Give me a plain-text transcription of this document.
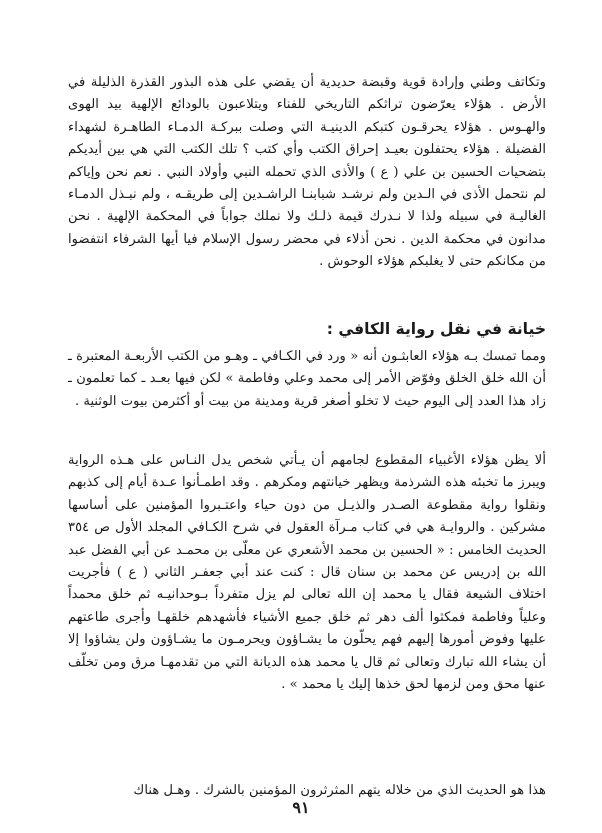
وتكاتف وطني وإرادة قوية وقبضة حديدية أن يقضي على هذه البذور القذرة الذليلة في الأرض . هؤلاء يعرّضون تراثكم التاريخي للفناء ويتلاعبون بالودائع الإلهية بيد الهوى والهـوس . هؤلاء يحرقـون كتبكم الدينيـة التي وصلت ببركـة الدمـاء الطاهـرة لشهداء الفضيلة . هؤلاء يحتفلون بعيـد إحراق الكتب وأي كتب ؟ تلك الكتب التي هي بين أيديكم بتضحيات الحسين بن علي ( ع ) والأذى الذي تحمله النبي وأولاد النبي . نعم نحن وإياكم لم نتحمل الأذى في الـدين ولم نرشـد شبابنـا الراشـدين إلى طريقـه ، ولم نبـذل الدمـاء الغاليـة في سبيله ولذا لا نـدرك قيمة ذلـك ولا نملك جواباً في المحكمة الإلهية . نحن مدانون في محكمة الدين . نحن أذلاء في محضر رسول الإسلام فيا أيها الشرفاء انتفضوا من مكانكم حتى لا يغلبكم هؤلاء الوحوش .

خيانة في نقل رواية الكافي :

ومما تمسك بـه هؤلاء العابثـون أنه « ورد في الكـافي ـ وهـو من الكتب الأربعـة المعتبرة ـ أن الله خلق الخلق وفوّض الأمر إلى محمد وعلي وفاطمة » لكن فيها بعـد ـ كما تعلمون ـ زاد هذا العدد إلى اليوم حيث لا تخلو أصغر قرية ومدينة من بيت أو أكثرمن بيوت الوثنية .

ألا يظن هؤلاء الأغبياء المقطوع لجامهم أن يـأتي شخص يدل النـاس على هـذه الرواية ويبرز ما تخبئه هذه الشرذمة ويظهر خيانتهم ومكرهم . وقد اطمـأنوا عـدة أيام إلى كذبهم ونقلوا رواية مقطوعة الصـدر والذيـل من دون حياء واعتـبروا المؤمنين على أساسها مشركين . والروايـة هي في كتاب مـرآة العقول في شرح الكـافي المجلد الأول ص ٣٥٤ الحديث الخامس : « الحسين بن محمد الأشعري عن معلّى بن محمـد عن أبي الفضل عبد الله بن إدريس عن محمد بن سنان قال : كنت عند أبي جعفـر الثاني ( ع ) فأجريت اختلاف الشيعة فقال يا محمد إن الله تعالى لم يزل متفرداً بـوحدانيـه ثم خلق محمداً وعلياً وفاطمة فمكثوا ألف دهر ثم خلق جميع الأشياء فأشهدهم خلقهـا وأجرى طاعتهم عليها وفوض أمورها إليهم فهم يحلّون ما يشـاؤون ويحرمـون ما يشـاؤون ولن يشاؤوا إلا أن يشاء الله تبارك وتعالى ثم قال يا محمد هذه الديانة التي من تقدمهـا مرق ومن تخلّف عنها محق ومن لزمها لحق خذها إليك يا محمد » .

هذا هو الحديث الذي من خلاله يتهم المثرثرون المؤمنين بالشرك . وهـل هناك

٩١
